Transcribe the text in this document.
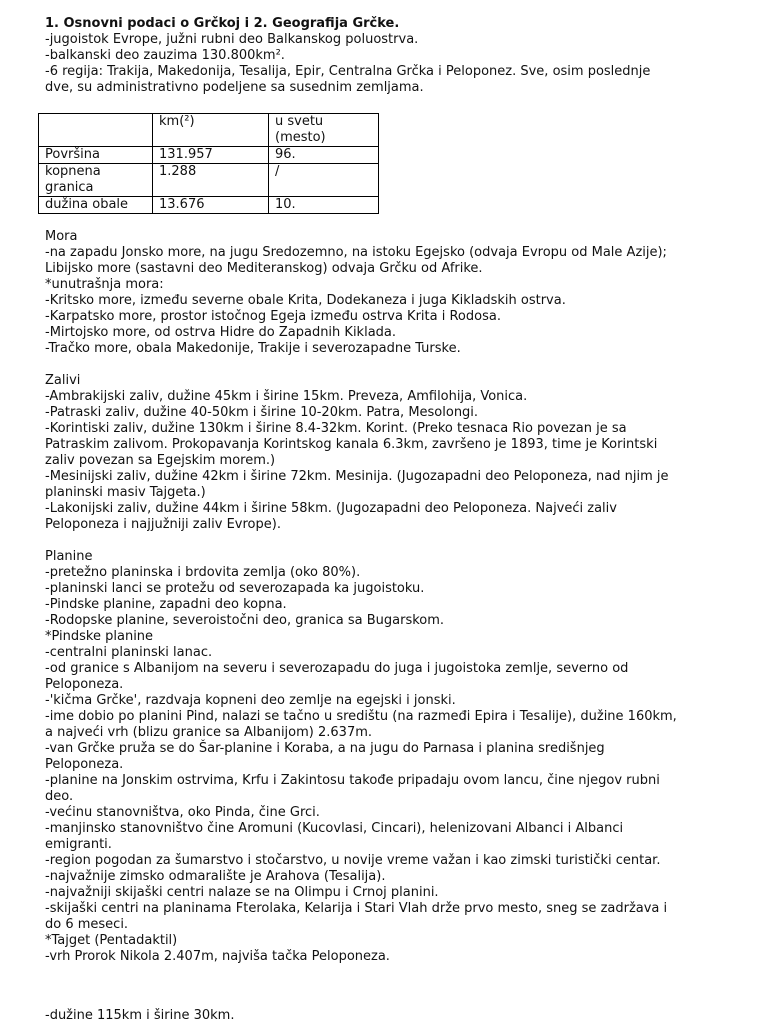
1. Osnovni podaci o Grčkoj i 2. Geografija Grčke.
-jugoistok Evrope, južni rubni deo Balkanskog poluostrva.
-balkanski deo zauzima 130.800km².
-6 regija: Trakija, Makedonija, Tesalija, Epir, Centralna Grčka i Peloponez. Sve, osim poslednje
dve, su administrativno podeljene sa susednim zemljama.
	km(²)	u svetu (mesto)
Površina	131.957	96.
kopnena granica	1.288	/
dužina obale	13.676	10.
Mora
-na zapadu Jonsko more, na jugu Sredozemno, na istoku Egejsko (odvaja Evropu od Male Azije);
Libijsko more (sastavni deo Mediteranskog) odvaja Grčku od Afrike.
*unutrašnja mora:
-Kritsko more, između severne obale Krita, Dodekaneza i juga Kikladskih ostrva.
-Karpatsko more, prostor istočnog Egeja između ostrva Krita i Rodosa.
-Mirtojsko more, od ostrva Hidre do Zapadnih Kiklada.
-Tračko more, obala Makedonije, Trakije i severozapadne Turske.
Zalivi
-Ambrakijski zaliv, dužine 45km i širine 15km. Preveza, Amfilohija, Vonica.
-Patraski zaliv, dužine 40-50km i širine 10-20km. Patra, Mesolongi.
-Korintiski zaliv, dužine 130km i širine 8.4-32km. Korint. (Preko tesnaca Rio povezan je sa
Patraskim zalivom. Prokopavanja Korintskog kanala 6.3km, završeno je 1893, time je Korintski
zaliv povezan sa Egejskim morem.)
-Mesinijski zaliv, dužine 42km i širine 72km. Mesinija. (Jugozapadni deo Peloponeza, nad njim je
planinski masiv Tajgeta.)
-Lakonijski zaliv, dužine 44km i širine 58km. (Jugozapadni deo Peloponeza. Najveći zaliv
Peloponeza i najjužniji zaliv Evrope).
Planine
-pretežno planinska i brdovita zemlja (oko 80%).
-planinski lanci se protežu od severozapada ka jugoistoku.
-Pindske planine, zapadni deo kopna.
-Rodopske planine, severoistočni deo, granica sa Bugarskom.
*Pindske planine
-centralni planinski lanac.
-od granice s Albanijom na severu i severozapadu do juga i jugoistoka zemlje, severno od
Peloponeza.
-'kičma Grčke', razdvaja kopneni deo zemlje na egejski i jonski.
-ime dobio po planini Pind, nalazi se tačno u središtu (na razmeđi Epira i Tesalije), dužine 160km,
a najveći vrh (blizu granice sa Albanijom) 2.637m.
-van Grčke pruža se do Šar-planine i Koraba, a na jugu do Parnasa i planina središnjeg
Peloponeza.
-planine na Jonskim ostrvima, Krfu i Zakintosu takođe pripadaju ovom lancu, čine njegov rubni
deo.
-većinu stanovništva, oko Pinda, čine Grci.
-manjinsko stanovništvo čine Aromuni (Kucovlasi, Cincari), helenizovani Albanci i Albanci
emigranti.
-region pogodan za šumarstvo i stočarstvo, u novije vreme važan i kao zimski turistički centar.
-najvažnije zimsko odmaralište je Arahova (Tesalija).
-najvažniji skijaški centri nalaze se na Olimpu i Crnoj planini.
-skijaški centri na planinama Fterolaka, Kelarija i Stari Vlah drže prvo mesto, sneg se zadržava i
do 6 meseci.
*Tajget (Pentadaktil)
-vrh Prorok Nikola 2.407m, najviša tačka Peloponeza.
-dužine 115km i širine 30km.
